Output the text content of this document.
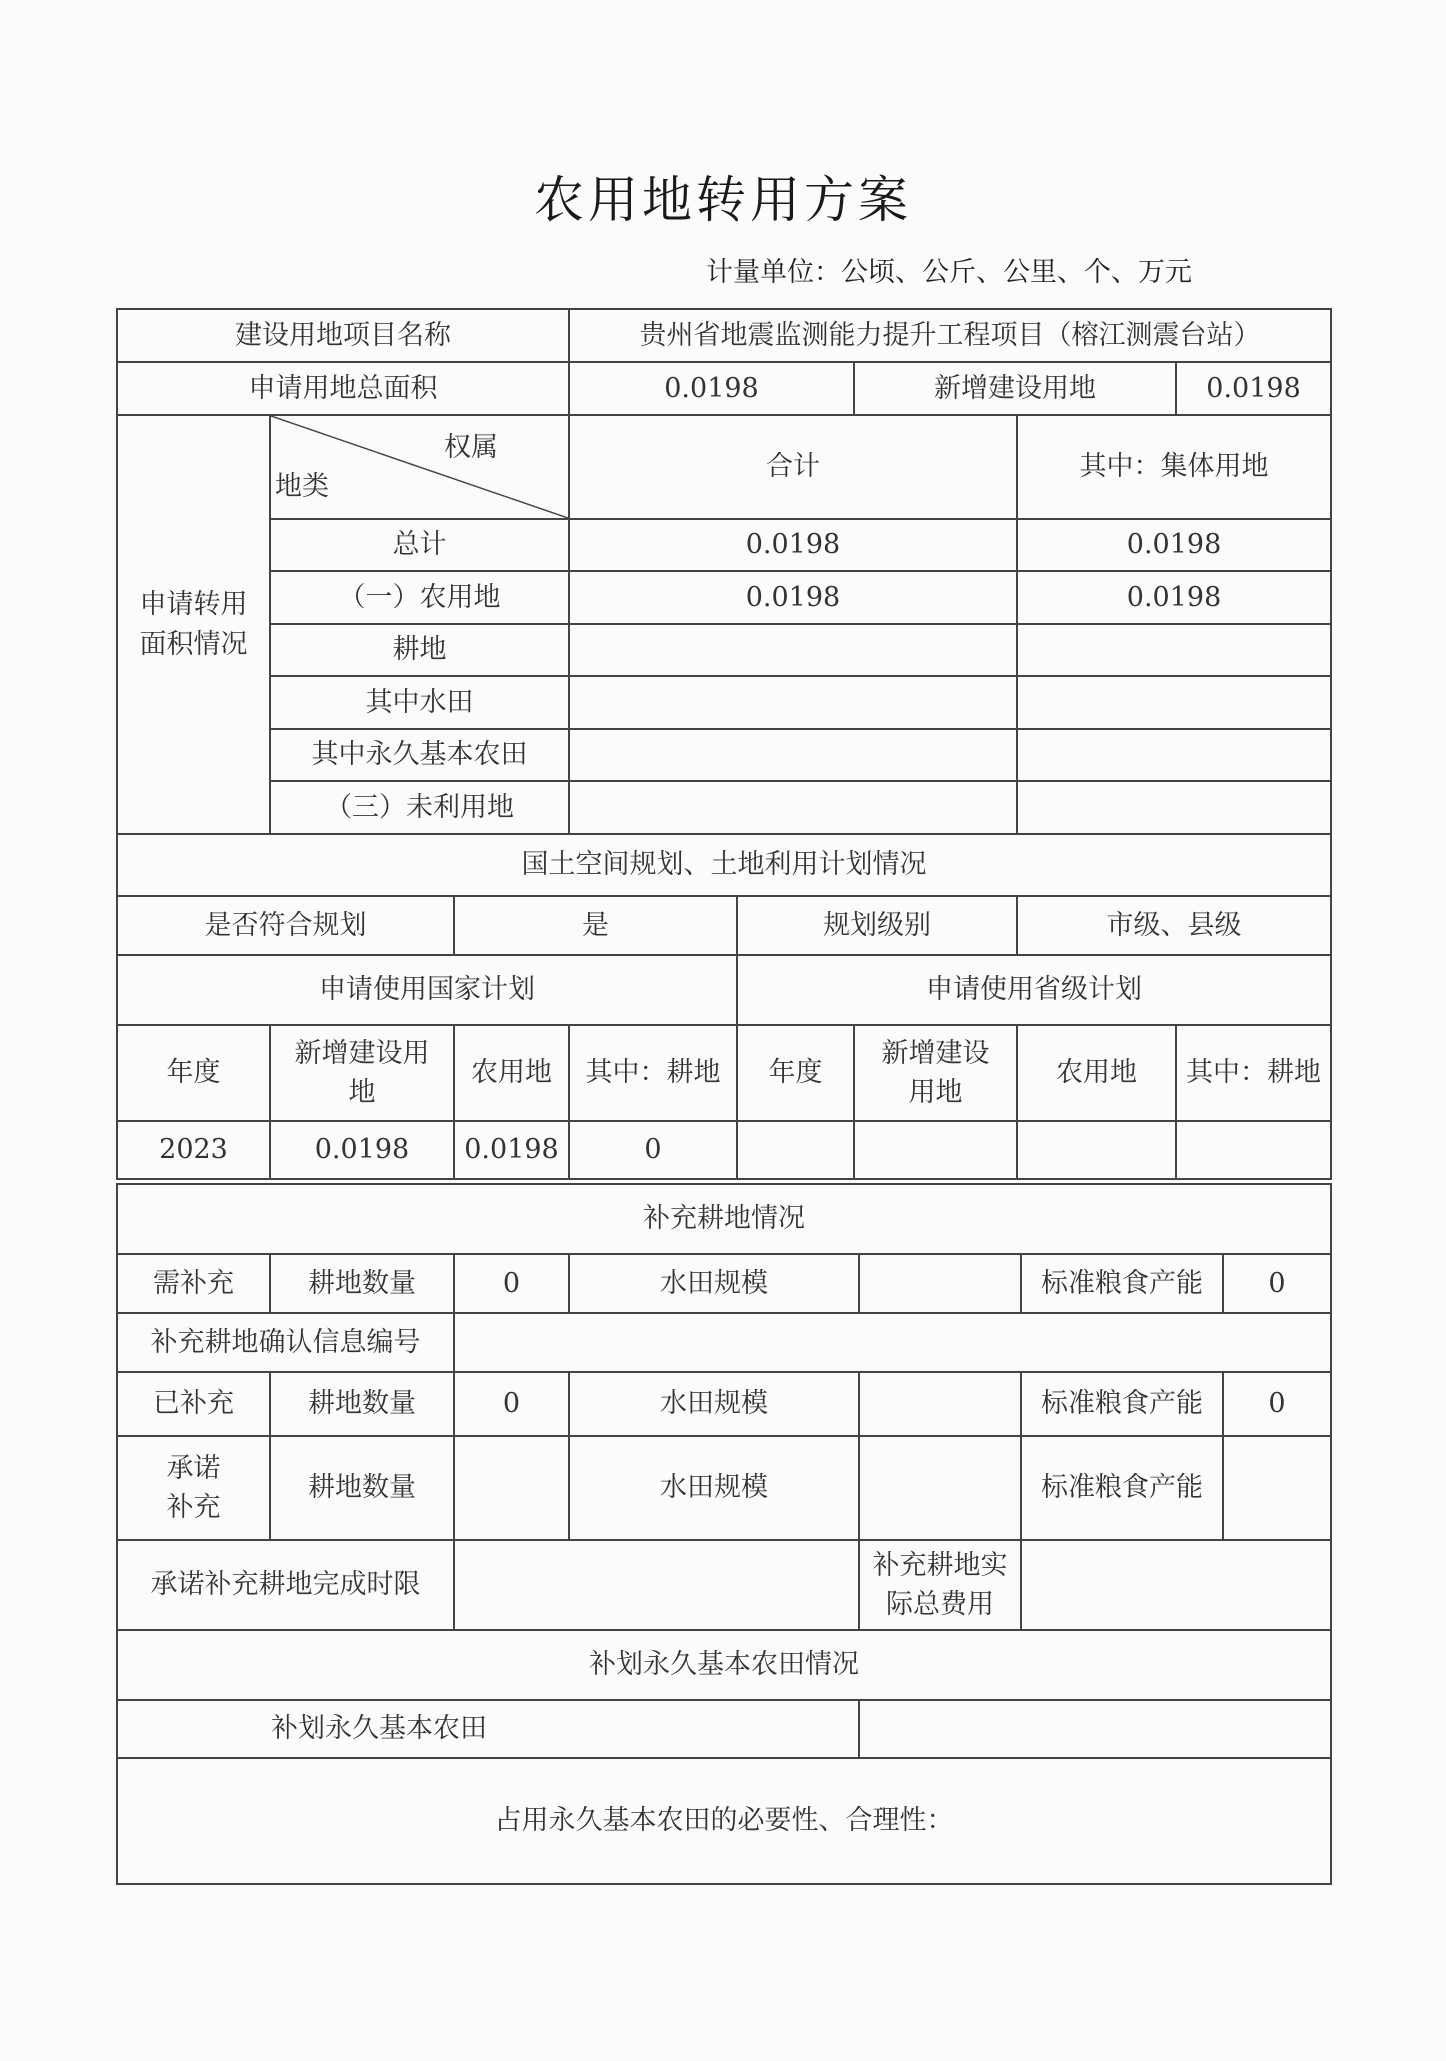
农用地转用方案
计量单位：公顷、公斤、公里、个、万元
建设用地项目名称			贵州省地震监测能力提升工程项目（榕江测震台站）				
申请用地总面积			0.0198		新增建设用地		0.0198
申请转用面积情况	权属
地类		合计			其中：集体用地	
	总计		0.0198			0.0198	
	（一）农用地		0.0198			0.0198	
	耕地						
	其中水田						
	其中永久基本农田						
	（三）未利用地						
国土空间规划、土地利用计划情况							
是否符合规划		是		规划级别		市级、县级	
申请使用国家计划				申请使用省级计划			
年度	新增建设用地	农用地	其中：耕地	年度	新增建设用地	农用地	其中：耕地
2023	0.0198	0.0198	0				
补充耕地情况						
需补充	耕地数量	0	水田规模		标准粮食产能	0
补充耕地确认信息编号						
已补充	耕地数量	0	水田规模		标准粮食产能	0
承诺补充	耕地数量		水田规模		标准粮食产能	
承诺补充耕地完成时限				补充耕地实际总费用		
补划永久基本农田情况						
补划永久基本农田						
占用永久基本农田的必要性、合理性：						
